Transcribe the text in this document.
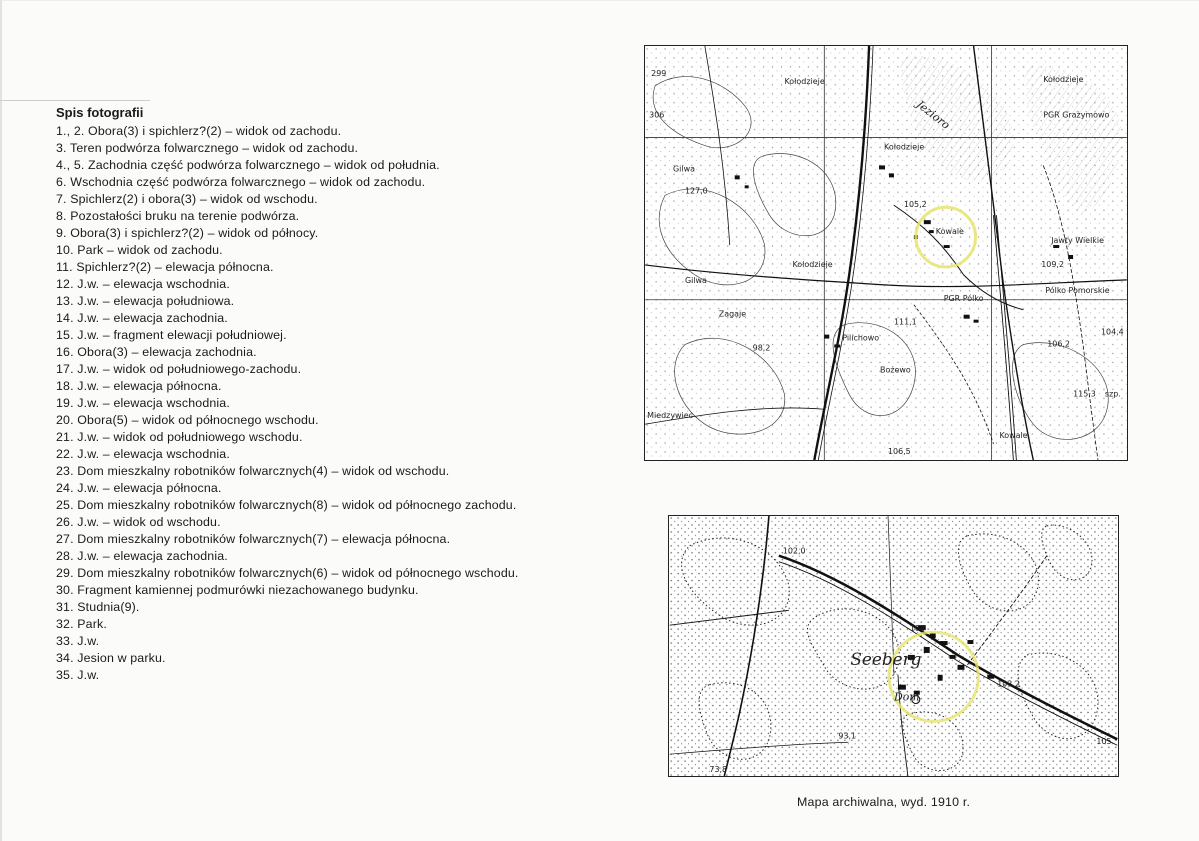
Spis fotografii
1., 2. Obora(3) i spichlerz?(2) – widok od zachodu.
3. Teren podwórza folwarcznego – widok od zachodu.
4., 5. Zachodnia część podwórza folwarcznego – widok od południa.
6. Wschodnia część podwórza folwarcznego – widok od zachodu.
7. Spichlerz(2) i obora(3) – widok od wschodu.
8. Pozostałości bruku na terenie podwórza.
9. Obora(3) i spichlerz?(2) – widok od północy.
10. Park – widok od zachodu.
11. Spichlerz?(2) – elewacja północna.
12. J.w. – elewacja wschodnia.
13. J.w. – elewacja południowa.
14. J.w. – elewacja zachodnia.
15. J.w. – fragment elewacji południowej.
16. Obora(3) – elewacja zachodnia.
17. J.w. – widok od południowego-zachodu.
18. J.w. – elewacja północna.
19. J.w. – elewacja wschodnia.
20. Obora(5) – widok od północnego wschodu.
21. J.w. – widok od południowego wschodu.
22. J.w. – elewacja wschodnia.
23. Dom mieszkalny robotników folwarcznych(4) – widok od wschodu.
24. J.w. – elewacja północna.
25. Dom mieszkalny robotników folwarcznych(8) – widok od północnego zachodu.
26. J.w. – widok od wschodu.
27. Dom mieszkalny robotników folwarcznych(7) – elewacja północna.
28. J.w. – elewacja zachodnia.
29. Dom mieszkalny robotników folwarcznych(6) – widok od północnego wschodu.
30. Fragment kamiennej podmurówki niezachowanego budynku.
31. Studnia(9).
32. Park.
33. J.w.
34. Jesion w parku.
35. J.w.
Kołodzieje
Kołodzieje
Kołodzieje
Kołodzieje
Gilwa
Gilwa
Zagaje
Pilichowo
Kowale
Kowale
Jawty Wielkie
PGR Pólko
Pólko Pomorskie
Bożewo
PGR Grażymowo
Miedzywiec
Jezioro
127,0
105,2
111,1
109,2
106,2
106,5
115,3
98,2
104,4
299
306
szp.
Seeberg
Dom
102,0
104
103,2
105
93,1
73,8
Mapa archiwalna, wyd. 1910 r.
